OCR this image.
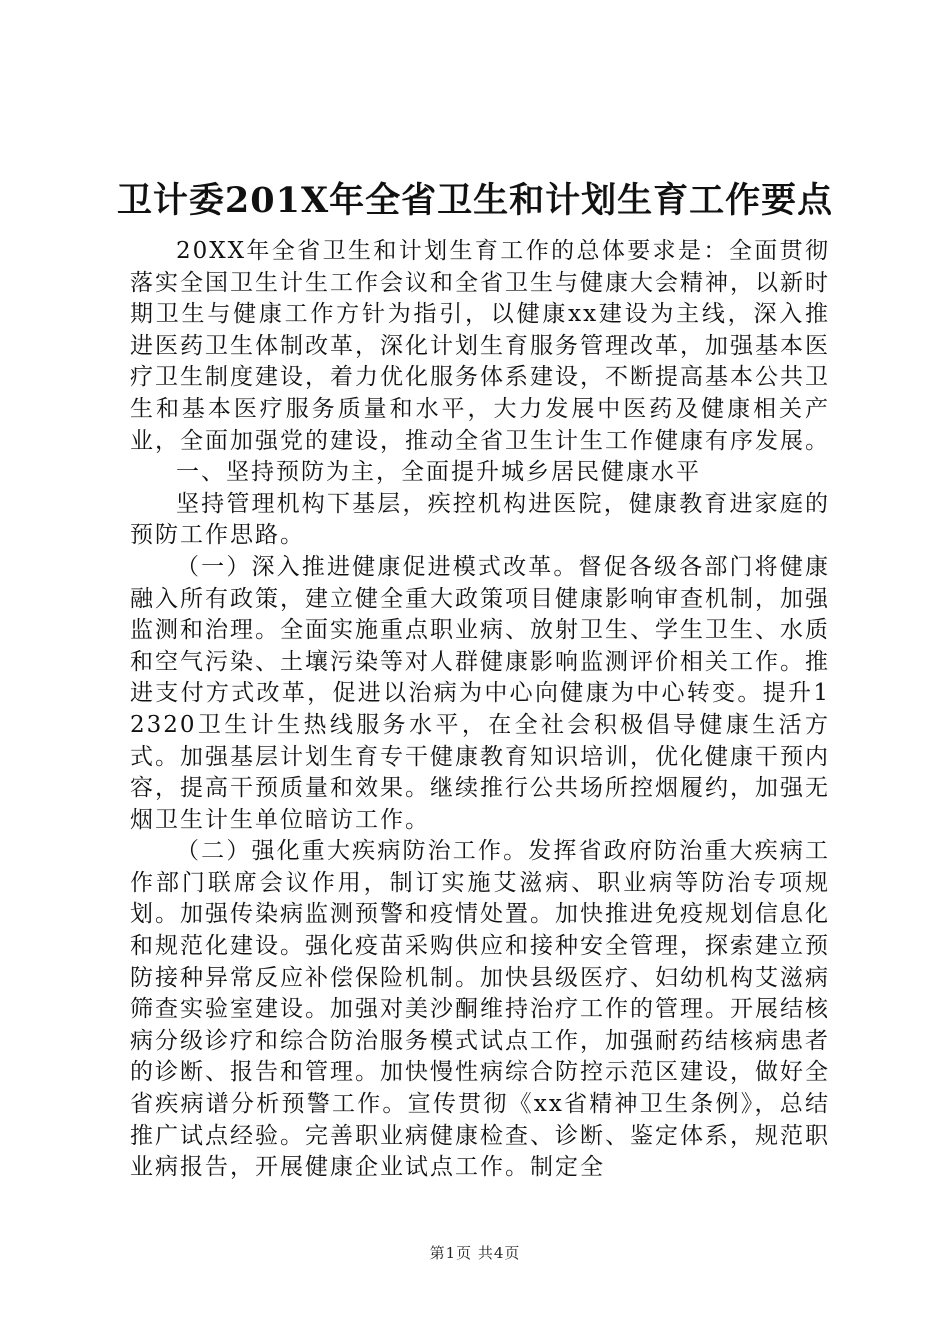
卫计委201X年全省卫生和计划生育工作要点

20XX年全省卫生和计划生育工作的总体要求是：全面贯彻落实全国卫生计生工作会议和全省卫生与健康大会精神，以新时期卫生与健康工作方针为指引，以健康xx建设为主线，深入推进医药卫生体制改革，深化计划生育服务管理改革，加强基本医疗卫生制度建设，着力优化服务体系建设，不断提高基本公共卫生和基本医疗服务质量和水平，大力发展中医药及健康相关产业，全面加强党的建设，推动全省卫生计生工作健康有序发展。

一、坚持预防为主，全面提升城乡居民健康水平

坚持管理机构下基层，疾控机构进医院，健康教育进家庭的预防工作思路。

（一）深入推进健康促进模式改革。督促各级各部门将健康融入所有政策，建立健全重大政策项目健康影响审查机制，加强监测和治理。全面实施重点职业病、放射卫生、学生卫生、水质和空气污染、土壤污染等对人群健康影响监测评价相关工作。推进支付方式改革，促进以治病为中心向健康为中心转变。提升12320卫生计生热线服务水平，在全社会积极倡导健康生活方式。加强基层计划生育专干健康教育知识培训，优化健康干预内容，提高干预质量和效果。继续推行公共场所控烟履约，加强无烟卫生计生单位暗访工作。

（二）强化重大疾病防治工作。发挥省政府防治重大疾病工作部门联席会议作用，制订实施艾滋病、职业病等防治专项规划。加强传染病监测预警和疫情处置。加快推进免疫规划信息化和规范化建设。强化疫苗采购供应和接种安全管理，探索建立预防接种异常反应补偿保险机制。加快县级医疗、妇幼机构艾滋病筛查实验室建设。加强对美沙酮维持治疗工作的管理。开展结核病分级诊疗和综合防治服务模式试点工作，加强耐药结核病患者的诊断、报告和管理。加快慢性病综合防控示范区建设，做好全省疾病谱分析预警工作。宣传贯彻《xx省精神卫生条例》，总结推广试点经验。完善职业病健康检查、诊断、鉴定体系，规范职业病报告，开展健康企业试点工作。制定全

第1页 共4页
